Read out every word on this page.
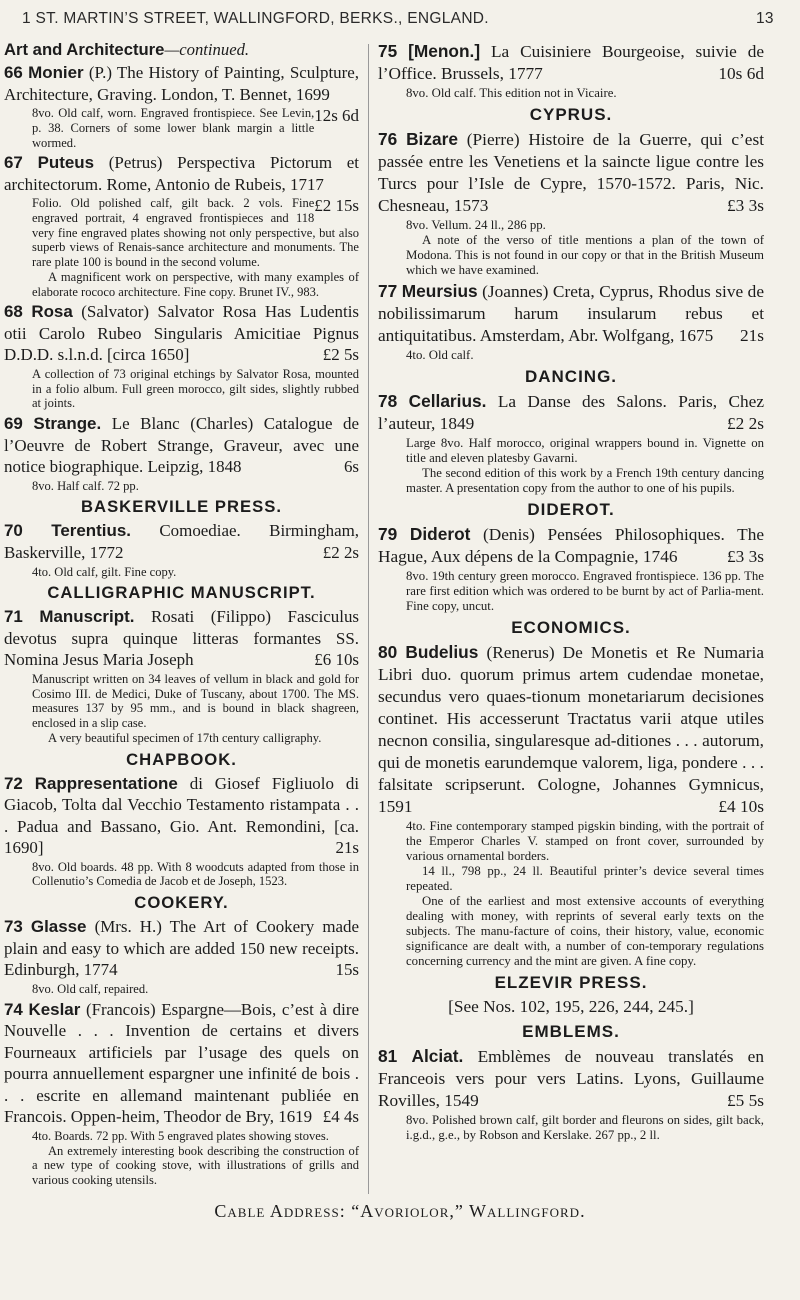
1 ST. MARTIN’S STREET, WALLINGFORD, BERKS., ENGLAND.	13
Art and Architecture—continued.
66 Monier (P.) The History of Painting, Sculpture, Architecture, Graving. London, T. Bennet, 1699
12s 6d

8vo. Old calf, worn. Engraved frontispiece. See Levin, p. 38. Corners of some lower blank margin a little wormed.

67 Puteus (Petrus) Perspectiva Pictorum et architectorum. Rome, Antonio de Rubeis, 1717
£2 15s

Folio. Old polished calf, gilt back. 2 vols. Fine engraved portrait, 4 engraved frontispieces and 118 very fine engraved plates showing not only perspective, but also superb views of Renais-sance architecture and monuments. The rare plate 100 is bound in the second volume.

A magnificent work on perspective, with many examples of elaborate rococo architecture. Fine copy. Brunet IV., 983.

68 Rosa (Salvator) Salvator Rosa Has Ludentis otii Carolo Rubeo Singularis Amicitiae Pignus D.D.D. s.l.n.d. [circa 1650]	£2 5s

A collection of 73 original etchings by Salvator Rosa, mounted in a folio album. Full green morocco, gilt sides, slightly rubbed at joints.

69 Strange. Le Blanc (Charles) Catalogue de l’Oeuvre de Robert Strange, Graveur, avec une notice biographique. Leipzig, 1848	6s

8vo. Half calf. 72 pp.

BASKERVILLE PRESS.
70 Terentius. Comoediae. Birmingham, Baskerville, 1772	£2 2s

4to. Old calf, gilt. Fine copy.

CALLIGRAPHIC MANUSCRIPT.
71 Manuscript. Rosati (Filippo) Fasciculus devotus supra quinque litteras formantes SS. Nomina Jesus Maria Joseph	£6 10s

Manuscript written on 34 leaves of vellum in black and gold for Cosimo III. de Medici, Duke of Tuscany, about 1700. The MS. measures 137 by 95 mm., and is bound in black shagreen, enclosed in a slip case.

A very beautiful specimen of 17th century calligraphy.

CHAPBOOK.
72 Rappresentatione di Giosef Figliuolo di Giacob, Tolta dal Vecchio Testamento ristampata . . . Padua and Bassano, Gio. Ant. Remondini, [ca. 1690]	21s

8vo. Old boards. 48 pp. With 8 woodcuts adapted from those in Collenutio’s Comedia de Jacob et de Joseph, 1523.

COOKERY.
73 Glasse (Mrs. H.) The Art of Cookery made plain and easy to which are added 150 new receipts. Edinburgh, 1774	15s

8vo. Old calf, repaired.

74 Keslar (Francois) Espargne—Bois, c’est à dire Nouvelle . . . Invention de certains et divers Fourneaux artificiels par l’usage des quels on pourra annuellement espargner une infinité de bois . . . escrite en allemand maintenant publiée en Francois. Oppen-heim, Theodor de Bry, 1619 £4 4s

4to. Boards. 72 pp. With 5 engraved plates showing stoves.

An extremely interesting book describing the construction of a new type of cooking stove, with illustrations of grills and various cooking utensils.

75 [Menon.] La Cuisiniere Bourgeoise, suivie de l’Office. Brussels, 1777	10s 6d

8vo. Old calf. This edition not in Vicaire.

CYPRUS.
76 Bizare (Pierre) Histoire de la Guerre, qui c’est passée entre les Venetiens et la saincte ligue contre les Turcs pour l’Isle de Cypre, 1570-1572. Paris, Nic. Chesneau, 1573	£3 3s

8vo. Vellum. 24 ll., 286 pp.

A note of the verso of title mentions a plan of the town of Modona. This is not found in our copy or that in the British Museum which we have examined.

77 Meursius (Joannes) Creta, Cyprus, Rhodus sive de nobilissimarum harum insularum rebus et antiquitatibus. Amsterdam, Abr. Wolfgang, 1675 21s

4to. Old calf.

DANCING.
78 Cellarius. La Danse des Salons. Paris, Chez l’auteur, 1849	£2 2s

Large 8vo. Half morocco, original wrappers bound in. Vignette on title and eleven platesby Gavarni.

The second edition of this work by a French 19th century dancing master. A presentation copy from the author to one of his pupils.

DIDEROT.
79 Diderot (Denis) Pensées Philosophiques. The Hague, Aux dépens de la Compagnie, 1746	£3 3s

8vo. 19th century green morocco. Engraved frontispiece. 136 pp. The rare first edition which was ordered to be burnt by act of Parlia-ment. Fine copy, uncut.

ECONOMICS.
80 Budelius (Renerus) De Monetis et Re Numaria Libri duo. quorum primus artem cudendae monetae, secundus vero quaes-tionum monetariarum decisiones continet. His accesserunt Tractatus varii atque utiles necnon consilia, singularesque ad-ditiones . . . autorum, qui de monetis earundemque valorem, liga, pondere . . . falsitate scripserunt. Cologne, Johannes Gymnicus, 1591	£4 10s

4to. Fine contemporary stamped pigskin binding, with the portrait of the Emperor Charles V. stamped on front cover, surrounded by various ornamental borders.

14 ll., 798 pp., 24 ll. Beautiful printer’s device several times repeated.

One of the earliest and most extensive accounts of everything dealing with money, with reprints of several early texts on the subjects. The manu-facture of coins, their history, value, economic significance are dealt with, a number of con-temporary regulations concerning currency and the mint are given. A fine copy.

ELZEVIR PRESS.
[See Nos. 102, 195, 226, 244, 245.]
EMBLEMS.
81 Alciat. Emblèmes de nouveau translatés en Franceois vers pour vers Latins. Lyons, Guillaume Rovilles, 1549	£5 5s

8vo. Polished brown calf, gilt border and fleurons on sides, gilt back, i.g.d., g.e., by Robson and Kerslake. 267 pp., 2 ll.

Cable Address: “Avoriolor,” Wallingford.
